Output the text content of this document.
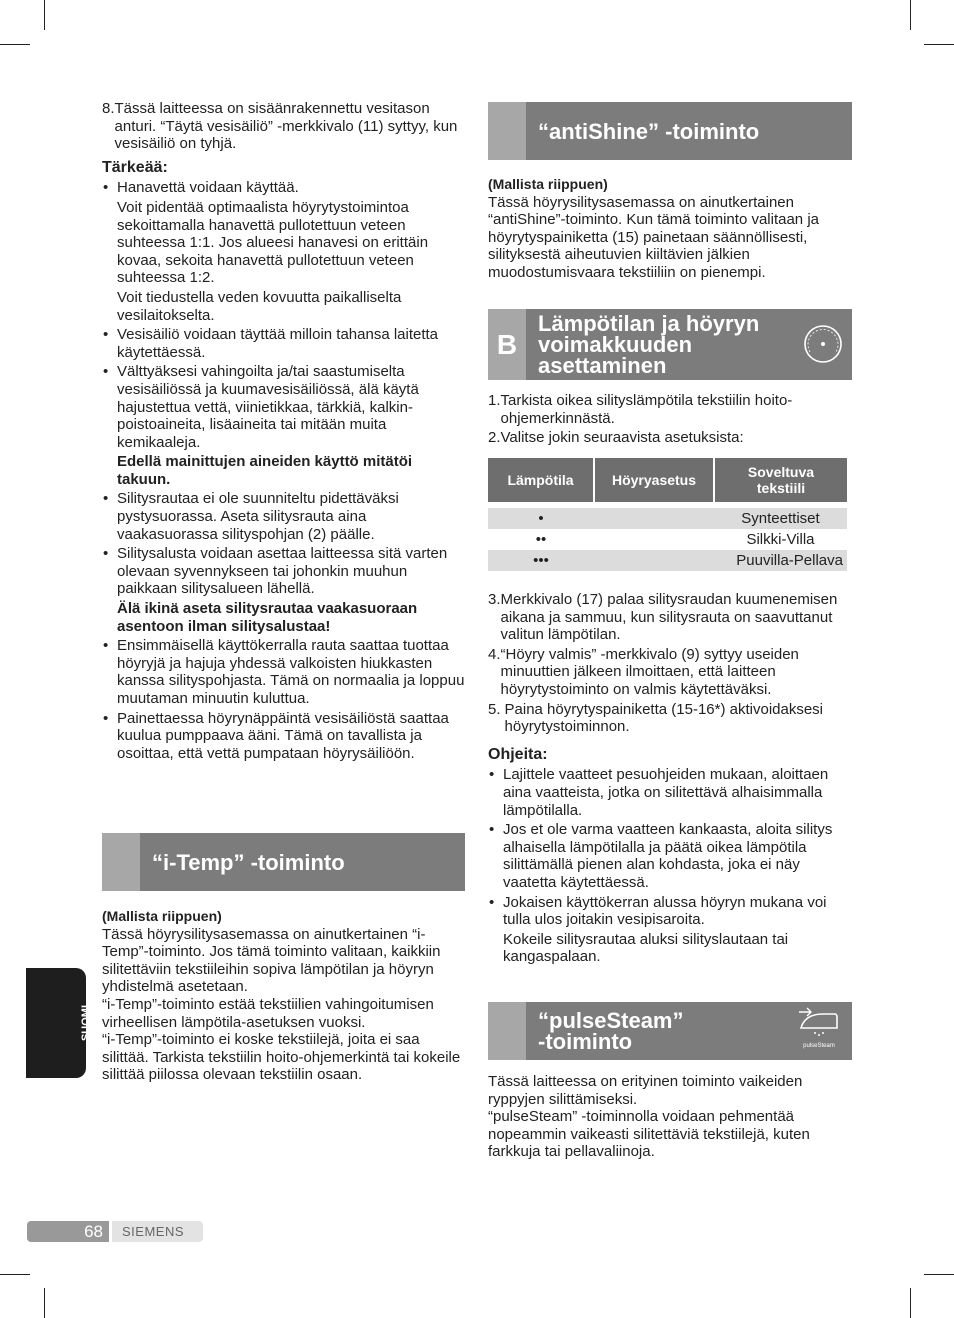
8. Tässä laitteessa on sisäänrakennettu vesitason anturi. “Täytä vesisäiliö” -merkkivalo (11) syttyy, kun vesisäiliö on tyhjä.

Tärkeää:

• Hanavettä voidaan käyttää.

Voit pidentää optimaalista höyrytystoimintoa sekoittamalla hanavettä pullotettuun veteen suhteessa 1:1. Jos alueesi hanavesi on erittäin kovaa, sekoita hanavettä pullotettuun veteen suhteessa 1:2.

Voit tiedustella veden kovuutta paikalliselta vesilaitokselta.

• Vesisäiliö voidaan täyttää milloin tahansa laitetta käytettäessä.

• Välttyäksesi vahingoilta ja/tai saastumiselta vesisäiliössä ja kuumavesisäiliössä, älä käytä hajustettua vettä, viinietikkaa, tärkkiä, kalkin-poistoaineita, lisäaineita tai mitään muita kemikaaleja.

Edellä mainittujen aineiden käyttö mitätöi takuun.

• Silitysrautaa ei ole suunniteltu pidettäväksi pystysuorassa. Aseta silitysrauta aina vaakasuorassa silityspohjan (2) päälle.

• Silitysalusta voidaan asettaa laitteessa sitä varten olevaan syvennykseen tai johonkin muuhun paikkaan silitysalueen lähellä.

Älä ikinä aseta silitysrautaa vaakasuoraan asentoon ilman silitysalustaa!

• Ensimmäisellä käyttökerralla rauta saattaa tuottaa höyryjä ja hajuja yhdessä valkoisten hiukkasten kanssa silityspohjasta. Tämä on normaalia ja loppuu muutaman minuutin kuluttua.

• Painettaessa höyrynäppäintä vesisäiliöstä saattaa kuulua pumppaava ääni. Tämä on tavallista ja osoittaa, että vettä pumpataan höyrysäiliöön.

“i-Temp” -toiminto

(Mallista riippuen)

Tässä höyrysilitysasemassa on ainutkertainen “i-Temp”-toiminto. Jos tämä toiminto valitaan, kaikkiin silitettäviin tekstiileihin sopiva lämpötilan ja höyryn yhdistelmä asetetaan.

“i-Temp”-toiminto estää tekstiilien vahingoitumisen virheellisen lämpötila-asetuksen vuoksi.

“i-Temp”-toiminto ei koske tekstiilejä, joita ei saa silittää. Tarkista tekstiilin hoito-ohjemerkintä tai kokeile silittää piilossa olevaan tekstiilin osaan.

“antiShine” -toiminto

(Mallista riippuen)

Tässä höyrysilitysasemassa on ainutkertainen “antiShine”-toiminto. Kun tämä toiminto valitaan ja höyrytyspainiketta (15) painetaan säännöllisesti, silityksestä aiheutuvien kiiltävien jälkien muodostumisvaara tekstiiliin on pienempi.

B
Lämpötilan ja höyryn
voimakkuuden
asettaminen
1. Tarkista oikea silityslämpötila tekstiilin hoito-ohjemerkinnästä.
2. Valitse jokin seuraavista asetuksista:
Lämpötila	Höyryasetus	Soveltuva tekstiili

•		Synteettiset
••		Silkki-Villa
•••		Puuvilla-Pellava
3. Merkkivalo (17) palaa silitysraudan kuumenemisen aikana ja sammuu, kun silitysrauta on saavuttanut valitun lämpötilan.
4. “Höyry valmis” -merkkivalo (9) syttyy useiden minuuttien jälkeen ilmoittaen, että laitteen höyrytystoiminto on valmis käytettäväksi.
5. Paina höyrytyspainiketta (15-16*) aktivoidaksesi höyrytystoiminnon.

Ohjeita:

• Lajittele vaatteet pesuohjeiden mukaan, aloittaen aina vaatteista, jotka on silitettävä alhaisimmalla lämpötilalla.

• Jos et ole varma vaatteen kankaasta, aloita silitys alhaisella lämpötilalla ja päätä oikea lämpötila silittämällä pienen alan kohdasta, joka ei näy vaatetta käytettäessä.

• Jokaisen käyttökerran alussa höyryn mukana voi tulla ulos joitakin vesipisaroita.

Kokeile silitysrautaa aluksi silityslautaan tai kangaspalaan.

“pulseSteam”
-toiminto	pulseSteam

Tässä laitteessa on erityinen toiminto vaikeiden ryppyjen silittämiseksi.

“pulseSteam” -toiminnolla voidaan pehmentää nopeammin vaikeasti silitettäviä tekstiilejä, kuten farkkuja tai pellavaliinoja.

SUOMI
68 SIEMENS
